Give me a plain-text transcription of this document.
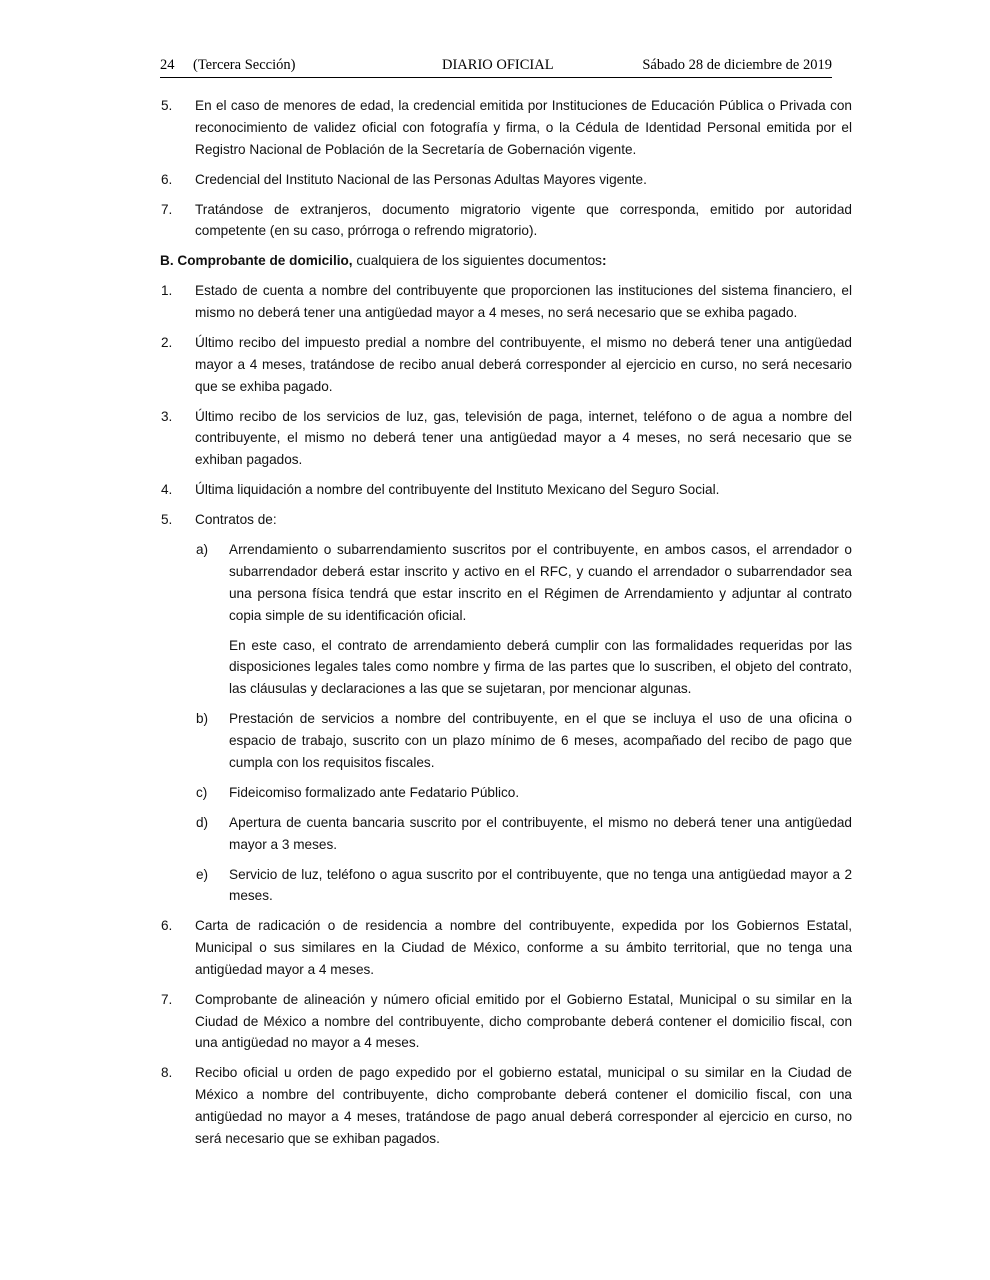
24 (Tercera Sección)	DIARIO OFICIAL	Sábado 28 de diciembre de 2019
5. En el caso de menores de edad, la credencial emitida por Instituciones de Educación Pública o Privada con reconocimiento de validez oficial con fotografía y firma, o la Cédula de Identidad Personal emitida por el Registro Nacional de Población de la Secretaría de Gobernación vigente.
6. Credencial del Instituto Nacional de las Personas Adultas Mayores vigente.
7. Tratándose de extranjeros, documento migratorio vigente que corresponda, emitido por autoridad competente (en su caso, prórroga o refrendo migratorio).
B. Comprobante de domicilio, cualquiera de los siguientes documentos:
1. Estado de cuenta a nombre del contribuyente que proporcionen las instituciones del sistema financiero, el mismo no deberá tener una antigüedad mayor a 4 meses, no será necesario que se exhiba pagado.
2. Último recibo del impuesto predial a nombre del contribuyente, el mismo no deberá tener una antigüedad mayor a 4 meses, tratándose de recibo anual deberá corresponder al ejercicio en curso, no será necesario que se exhiba pagado.
3. Último recibo de los servicios de luz, gas, televisión de paga, internet, teléfono o de agua a nombre del contribuyente, el mismo no deberá tener una antigüedad mayor a 4 meses, no será necesario que se exhiban pagados.
4. Última liquidación a nombre del contribuyente del Instituto Mexicano del Seguro Social.
5. Contratos de:
a) Arrendamiento o subarrendamiento suscritos por el contribuyente, en ambos casos, el arrendador o subarrendador deberá estar inscrito y activo en el RFC, y cuando el arrendador o subarrendador sea una persona física tendrá que estar inscrito en el Régimen de Arrendamiento y adjuntar al contrato copia simple de su identificación oficial.
En este caso, el contrato de arrendamiento deberá cumplir con las formalidades requeridas por las disposiciones legales tales como nombre y firma de las partes que lo suscriben, el objeto del contrato, las cláusulas y declaraciones a las que se sujetaran, por mencionar algunas.
b) Prestación de servicios a nombre del contribuyente, en el que se incluya el uso de una oficina o espacio de trabajo, suscrito con un plazo mínimo de 6 meses, acompañado del recibo de pago que cumpla con los requisitos fiscales.
c) Fideicomiso formalizado ante Fedatario Público.
d) Apertura de cuenta bancaria suscrito por el contribuyente, el mismo no deberá tener una antigüedad mayor a 3 meses.
e) Servicio de luz, teléfono o agua suscrito por el contribuyente, que no tenga una antigüedad mayor a 2 meses.
6. Carta de radicación o de residencia a nombre del contribuyente, expedida por los Gobiernos Estatal, Municipal o sus similares en la Ciudad de México, conforme a su ámbito territorial, que no tenga una antigüedad mayor a 4 meses.
7. Comprobante de alineación y número oficial emitido por el Gobierno Estatal, Municipal o su similar en la Ciudad de México a nombre del contribuyente, dicho comprobante deberá contener el domicilio fiscal, con una antigüedad no mayor a 4 meses.
8. Recibo oficial u orden de pago expedido por el gobierno estatal, municipal o su similar en la Ciudad de México a nombre del contribuyente, dicho comprobante deberá contener el domicilio fiscal, con una antigüedad no mayor a 4 meses, tratándose de pago anual deberá corresponder al ejercicio en curso, no será necesario que se exhiban pagados.
